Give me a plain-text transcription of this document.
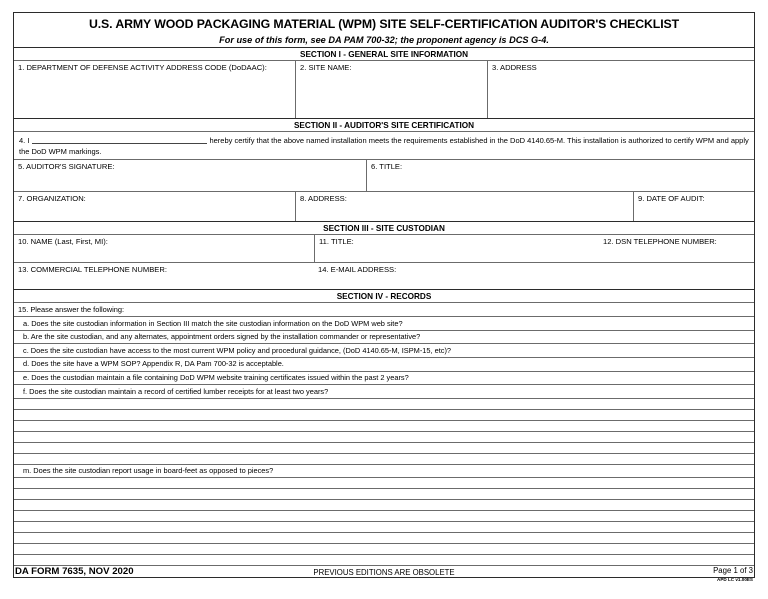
U.S. ARMY WOOD PACKAGING MATERIAL (WPM) SITE SELF-CERTIFICATION AUDITOR'S CHECKLIST
For use of this form, see DA PAM 700-32; the proponent agency is DCS G-4.
SECTION I - GENERAL SITE INFORMATION
1. DEPARTMENT OF DEFENSE ACTIVITY ADDRESS CODE (DoDAAC):	2. SITE NAME:	3. ADDRESS
SECTION II - AUDITOR'S SITE CERTIFICATION
4. I	hereby certify that the above named installation meets the requirements established in the DoD 4140.65-M. This installation is authorized to certify WPM and apply the DoD WPM markings.
5. AUDITOR'S SIGNATURE:	6. TITLE:
7. ORGANIZATION:	8. ADDRESS:	9. DATE OF AUDIT:
SECTION III - SITE CUSTODIAN
10. NAME (Last, First, MI):	11. TITLE:	12. DSN TELEPHONE NUMBER:
13. COMMERCIAL TELEPHONE NUMBER:	14. E-MAIL ADDRESS:
SECTION IV - RECORDS
15. Please answer the following:
a. Does the site custodian information in Section III match the site custodian information on the DoD WPM web site?
b. Are the site custodian, and any alternates, appointment orders signed by the installation commander or representative?
c. Does the site custodian have access to the most current WPM policy and procedural guidance, (DoD 4140.65-M, ISPM-15, etc)?
d. Does the site have a WPM SOP? Appendix R, DA Pam 700-32 is acceptable.
e. Does the custodian maintain a file containing DoD WPM website training certificates issued within the past 2 years?
f. Does the site custodian maintain a record of certified lumber receipts for at least two years?
m. Does the site custodian report usage in board-feet as opposed to pieces?
DA FORM 7635, NOV 2020	PREVIOUS EDITIONS ARE OBSOLETE	Page 1 of 3
APD LC v1.00ES
